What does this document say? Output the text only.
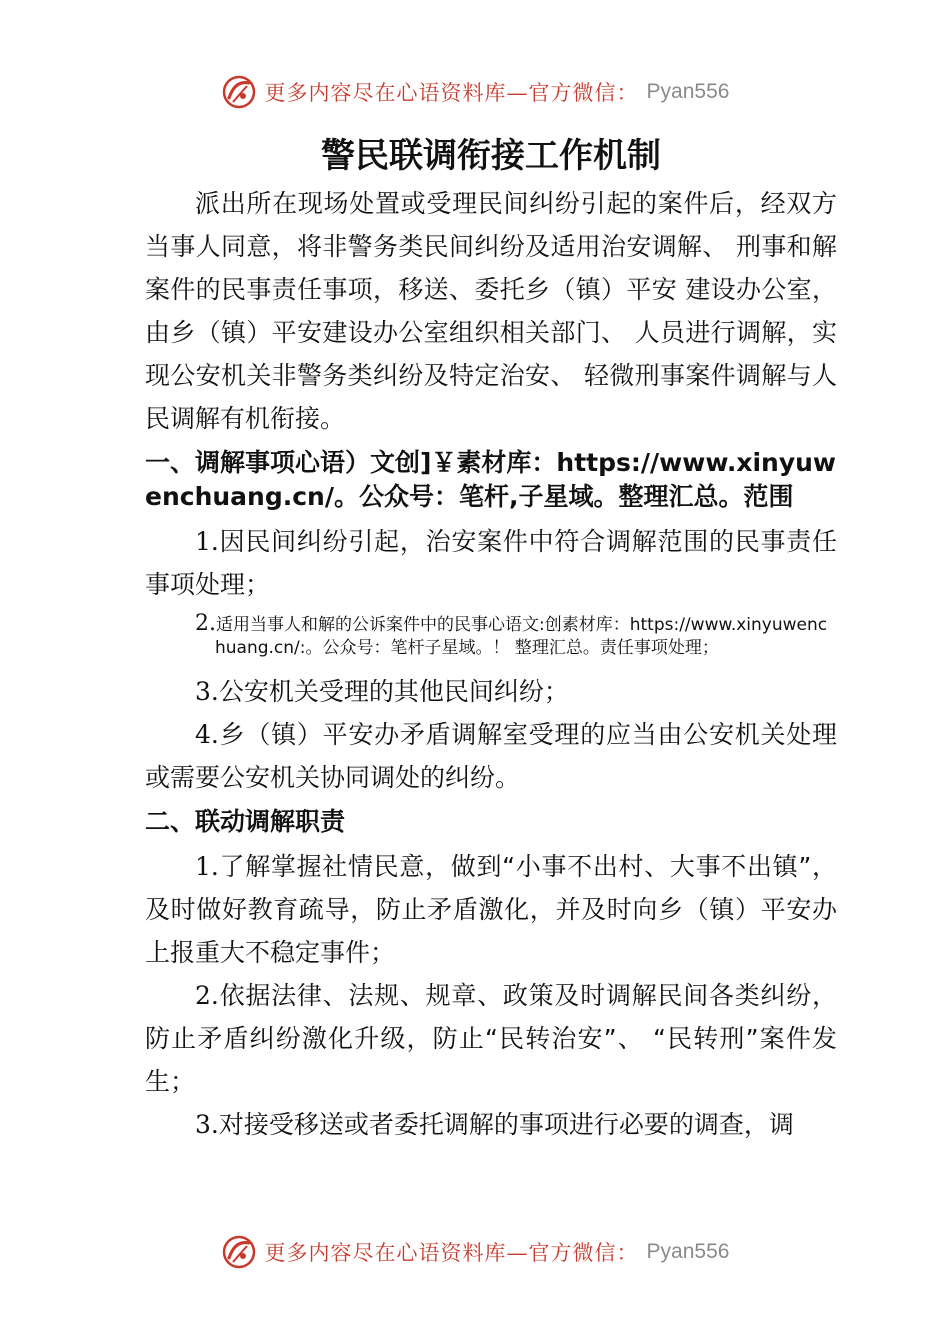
更多内容尽在心语资料库—官方微信： Pyan556
警民联调衔接工作机制

派出所在现场处置或受理民间纠纷引起的案件后，经双方当事人同意，将非警务类民间纠纷及适用治安调解、 刑事和解案件的民事责任事项，移送、委托乡（镇）平安 建设办公室，由乡（镇）平安建设办公室组织相关部门、 人员进行调解，实现公安机关非警务类纠纷及特定治安、 轻微刑事案件调解与人民调解有机衔接。

一、调解事项心语）文创]￥素材库：https://www.xinyuwenchuang.cn/。公众号：笔杆,子星域。整理汇总。范围

1.因民间纠纷引起，治安案件中符合调解范围的民事责任事项处理；

2.适用当事人和解的公诉案件中的民事心语文:创素材库：https://www.xinyuwenchuang.cn/:。公众号：笔杆子星域。！ 整理汇总。责任事项处理；

3.公安机关受理的其他民间纠纷；

4.乡（镇）平安办矛盾调解室受理的应当由公安机关处理或需要公安机关协同调处的纠纷。

二、联动调解职责

1.了解掌握社情民意，做到“小事不出村、大事不出镇”，及时做好教育疏导，防止矛盾激化，并及时向乡（镇）平安办上报重大不稳定事件；

2.依据法律、法规、规章、政策及时调解民间各类纠纷，防止矛盾纠纷激化升级，防止“民转治安”、 “民转刑”案件发生；

3.对接受移送或者委托调解的事项进行必要的调查，调

更多内容尽在心语资料库—官方微信： Pyan556
